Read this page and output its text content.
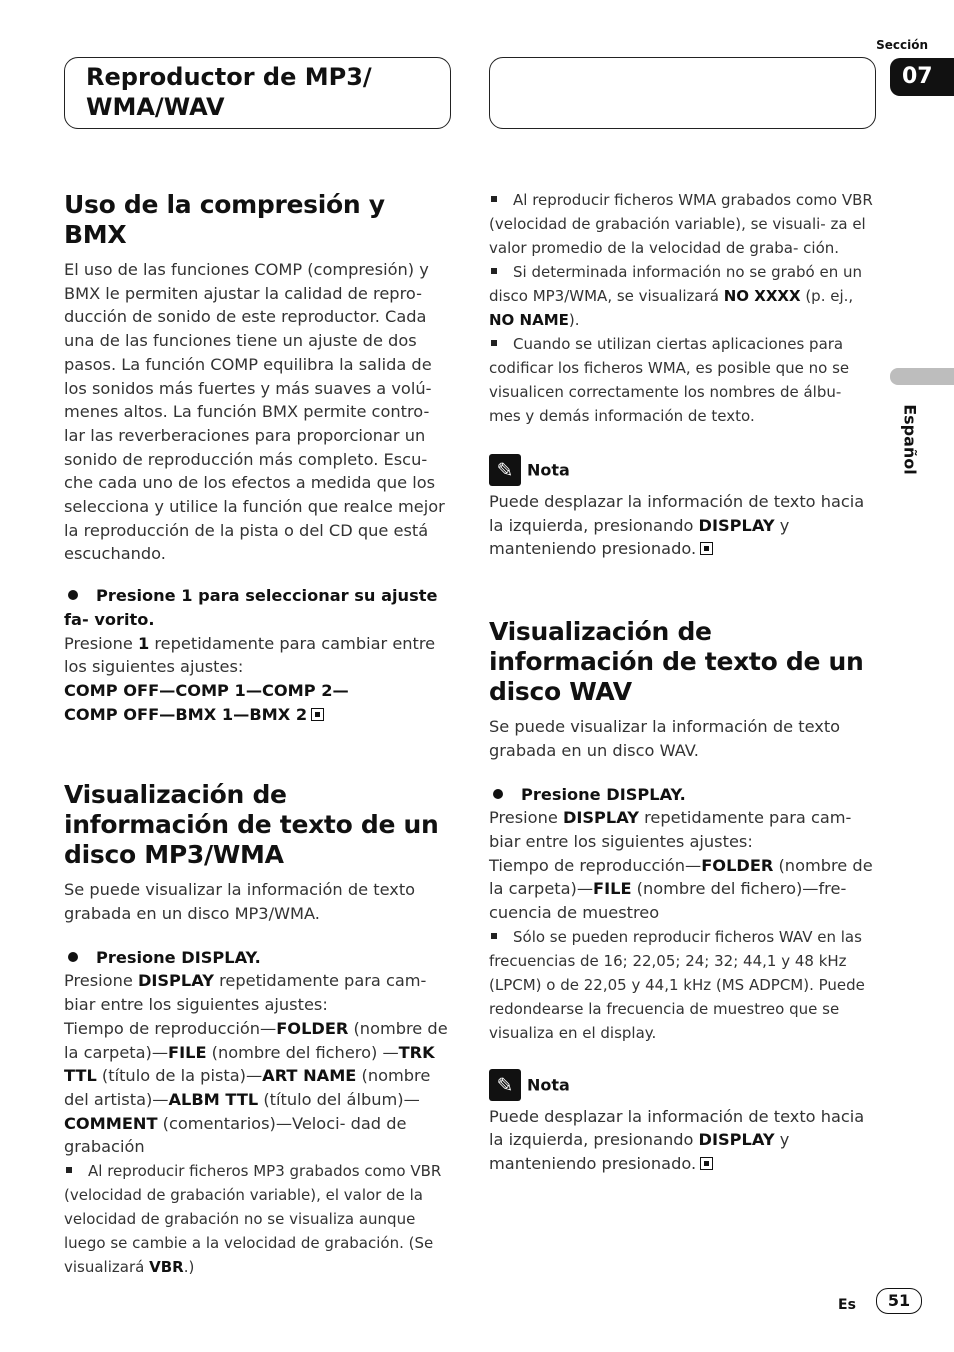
Reproductor de MP3/
WMA/WAV
Sección
07
Español
Uso de la compresión y BMX

El uso de las funciones COMP (compresión) y BMX le permiten ajustar la calidad de repro- ducción de sonido de este reproductor. Cada una de las funciones tiene un ajuste de dos pasos. La función COMP equilibra la salida de los sonidos más fuertes y más suaves a volú- menes altos. La función BMX permite contro- lar las reverberaciones para proporcionar un sonido de reproducción más completo. Escu- che cada uno de los efectos a medida que los selecciona y utilice la función que realce mejor la reproducción de la pista o del CD que está escuchando.

Presione 1 para seleccionar su ajuste fa- vorito.

Presione 1 repetidamente para cambiar entre los siguientes ajustes:

COMP OFF—COMP 1—COMP 2—

COMP OFF—BMX 1—BMX 2

Visualización de información de texto de un disco MP3/WMA

Se puede visualizar la información de texto grabada en un disco MP3/WMA.

Presione DISPLAY.

Presione DISPLAY repetidamente para cam- biar entre los siguientes ajustes:

Tiempo de reproducción—FOLDER (nombre de la carpeta)—FILE (nombre del fichero) —TRK TTL (título de la pista)—ART NAME (nombre del artista)—ALBM TTL (título del álbum)—COMMENT (comentarios)—Veloci- dad de grabación

Al reproducir ficheros MP3 grabados como VBR (velocidad de grabación variable), el valor de la velocidad de grabación no se visualiza aunque luego se cambie a la velocidad de grabación. (Se visualizará VBR.)

Al reproducir ficheros WMA grabados como VBR (velocidad de grabación variable), se visuali- za el valor promedio de la velocidad de graba- ción.

Si determinada información no se grabó en un disco MP3/WMA, se visualizará NO XXXX (p. ej., NO NAME).

Cuando se utilizan ciertas aplicaciones para codificar los ficheros WMA, es posible que no se visualicen correctamente los nombres de álbu- mes y demás información de texto.

✎ Nota

Puede desplazar la información de texto hacia la izquierda, presionando DISPLAY y manteniendo presionado.

Visualización de información de texto de un disco WAV

Se puede visualizar la información de texto grabada en un disco WAV.

Presione DISPLAY.

Presione DISPLAY repetidamente para cam- biar entre los siguientes ajustes:

Tiempo de reproducción—FOLDER (nombre de la carpeta)—FILE (nombre del fichero)—fre- cuencia de muestreo

Sólo se pueden reproducir ficheros WAV en las frecuencias de 16; 22,05; 24; 32; 44,1 y 48 kHz (LPCM) o de 22,05 y 44,1 kHz (MS ADPCM). Puede redondearse la frecuencia de muestreo que se visualiza en el display.

✎ Nota

Puede desplazar la información de texto hacia la izquierda, presionando DISPLAY y manteniendo presionado.

Es	51
